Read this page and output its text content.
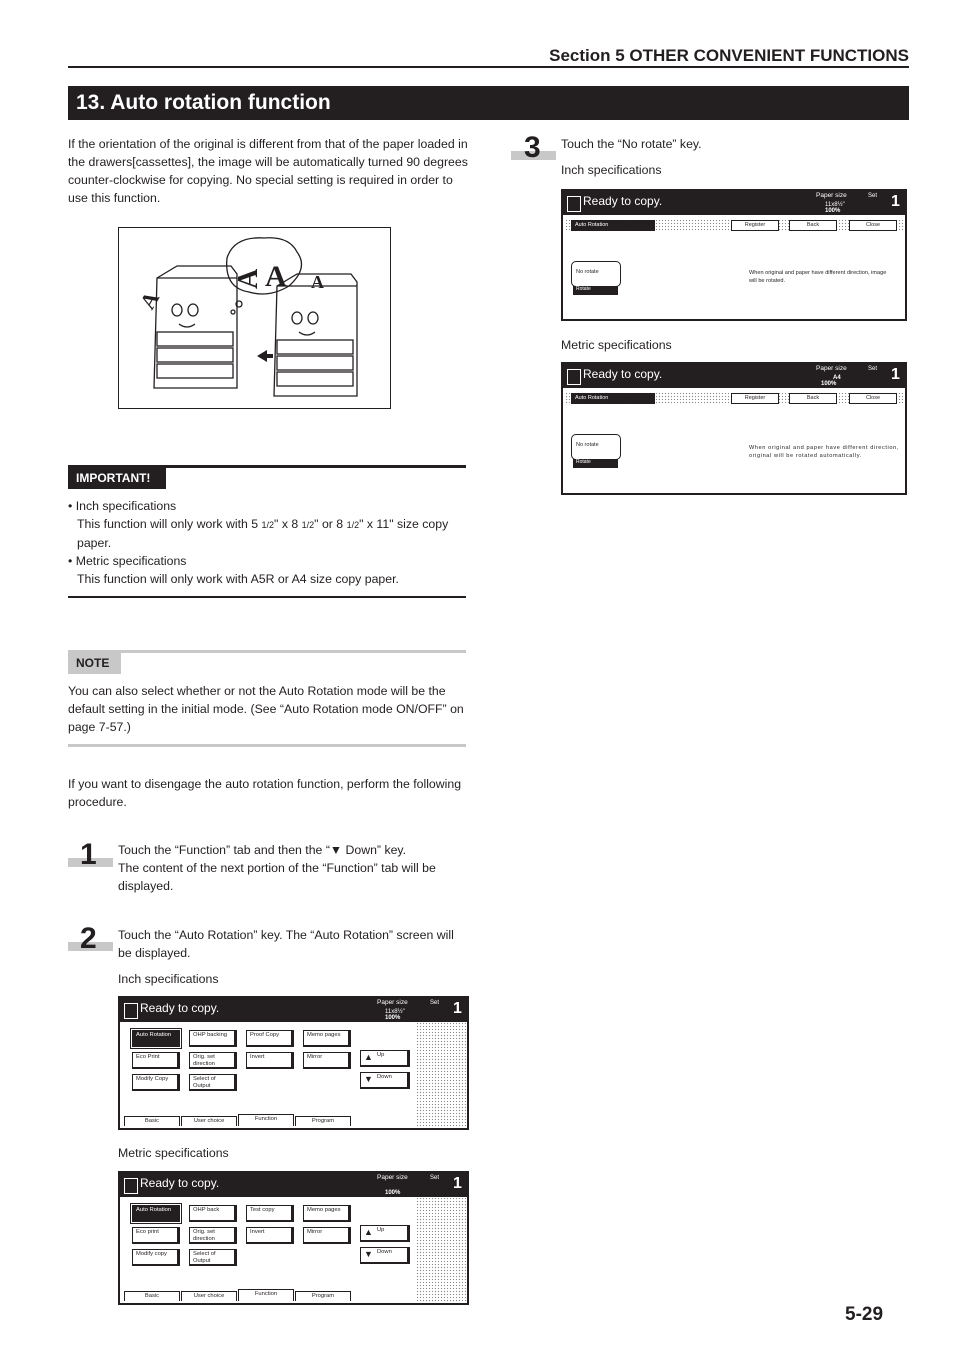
Section 5 OTHER CONVENIENT FUNCTIONS
13. Auto rotation function

If the orientation of the original is different from that of the paper loaded in the drawers[cassettes], the image will be automatically turned 90 degrees counter-clockwise for copying. No special setting is required in order to use this function.

A A
A
A
IMPORTANT!
• Inch specifications
This function will only work with 5 1/2" x 8 1/2" or 8 1/2" x 11" size copy paper.
• Metric specifications
This function will only work with A5R or A4 size copy paper.
NOTE

You can also select whether or not the Auto Rotation mode will be the default setting in the initial mode. (See “Auto Rotation mode ON/OFF” on page 7-57.)

If you want to disengage the auto rotation function, perform the following procedure.

1 Touch the “Function” tab and then the “▼ Down” key.
The content of the next portion of the “Function” tab will be displayed.
2 Touch the “Auto Rotation” key. The “Auto Rotation” screen will be displayed.

Inch specifications
Ready to copy.	Paper size	Set
11x8½"
100%
1
Auto Rotation	OHP backing	Proof Copy	Memo pages
Eco Print	Orig. set direction
Invert	Mirror
Modify Copy	Select of Output
▲ Up
▼ Down
Basic	User choice	Function	Program
Metric specifications
Ready to copy.	Paper size	Set
100%
1
Auto Rotation	OHP back	Test copy	Memo pages
Eco print	Orig. set direction
Invert	Mirror
Modify copy	Select of Output
▲ Up
▼ Down
Basic	User choice	Function	Program
3 Touch the “No rotate” key.

Inch specifications
Ready to copy.	Paper size	Set
11x8½"
100%
1
Auto Rotation	Register	Back	Close
No rotate
Rotate
When original and paper have different direction, image will be rotated.
Metric specifications
Ready to copy.	Paper size	Set
A4
100%
1
Auto Rotation	Register	Back	Close
No rotate
Rotate
When original and paper have different direction, original will be rotated automatically.
5-29
